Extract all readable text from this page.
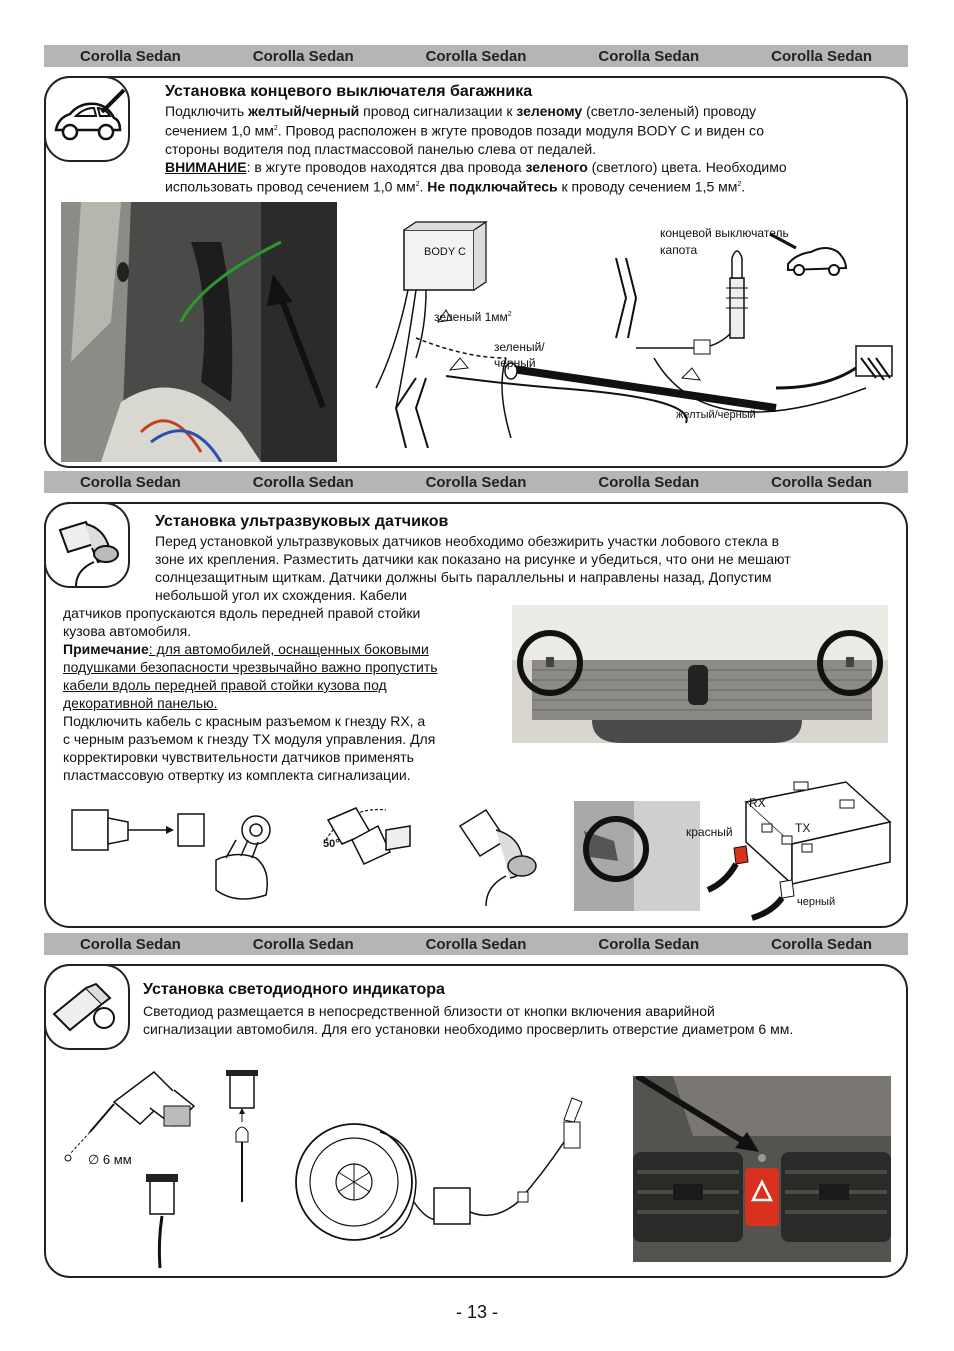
Corolla Sedan	Corolla Sedan	Corolla Sedan	Corolla Sedan	Corolla Sedan
Corolla Sedan	Corolla Sedan	Corolla Sedan	Corolla Sedan	Corolla Sedan
Corolla Sedan	Corolla Sedan	Corolla Sedan	Corolla Sedan	Corolla Sedan
Установка концевого выключателя багажника
Подключить желтый/черный провод сигнализации к зеленому (светло-зеленый) проводу
сечением 1,0 $мм^2$. Провод расположен в жгуте проводов позади модуля BODY C и виден со
стороны водителя под пластмассовой панелью слева от педалей.
ВНИМАНИЕ: в жгуте проводов находятся два провода зеленого (светлого) цвета. Необходимо
использовать провод сечением 1,0 $мм^2$. Не подключайтесь к проводу сечением 1,5 $мм^2$.
BODY C
концевой выключатель
капота
зеленый $1мм^2$
зеленый/
черный
желтый/черный
Установка ультразвуковых датчиков
Перед установкой ультразвуковых датчиков необходимо обезжирить участки лобового стекла в
зоне их крепления. Разместить датчики как показано на рисунке и убедиться, что они не мешают
солнцезащитным щиткам. Датчики должны быть параллельны и направлены назад, Допустим
небольшой угол их схождения. Кабели
датчиков пропускаются вдоль передней правой стойки
кузова автомобиля.
Примечание: для автомобилей, оснащенных боковыми
подушками безопасности чрезвычайно важно пропустить
кабели вдоль передней правой стойки кузова под
декоративной панелью.
Подключить кабель с красным разъемом к гнезду RX, а
с черным разъемом к гнезду TX модуля управления. Для
корректировки чувствительности датчиков применять
пластмассовую отвертку из комплекта сигнализации.
50°
RX
TX
красный
черный
Установка светодиодного индикатора
Светодиод размещается в непосредственной близости от кнопки включения аварийной
сигнализации автомобиля. Для его установки необходимо просверлить отверстие диаметром 6 мм.
∅ 6 мм
- 13 -
